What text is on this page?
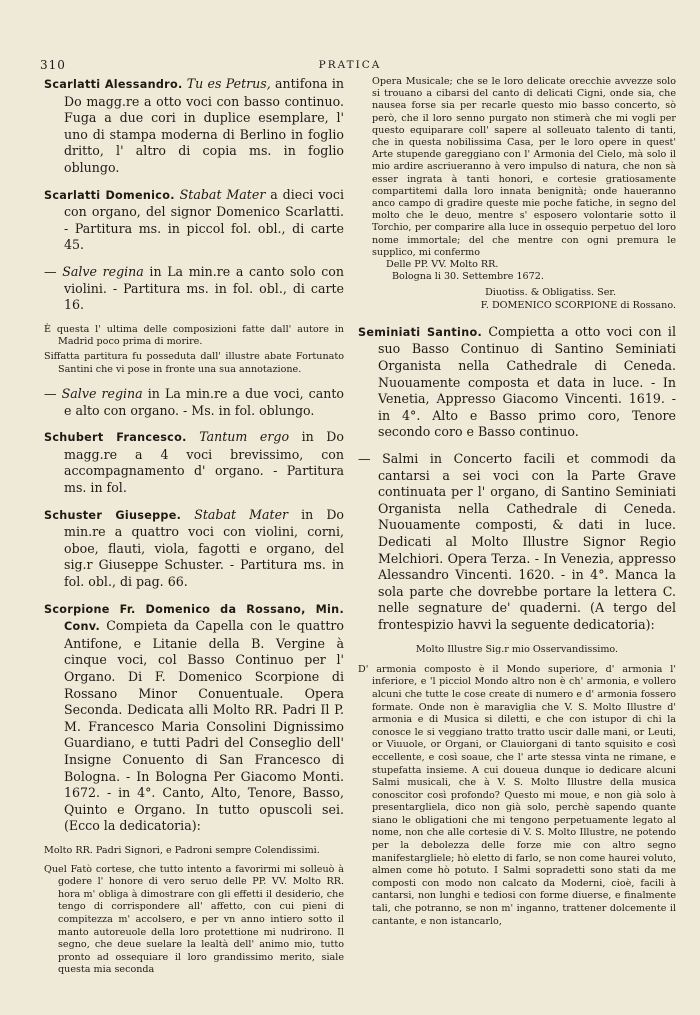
310	PRATICA

Scarlatti Alessandro. Tu es Petrus, antifona in Do magg.re a otto voci con basso continuo. Fuga a due cori in duplice esemplare, l' uno di stampa moderna di Berlino in foglio dritto, l' altro di copia ms. in foglio oblungo.

Scarlatti Domenico. Stabat Mater a dieci voci con organo, del signor Domenico Scarlatti. - Partitura ms. in piccol fol. obl., di carte 45.

— Salve regina in La min.re a canto solo con violini. - Partitura ms. in fol. obl., di carte 16.

È questa l' ultima delle composizioni fatte dall' autore in Madrid poco prima di morire.

Siffatta partitura fu posseduta dall' illustre abate Fortunato Santini che vi pose in fronte una sua annotazione.

— Salve regina in La min.re a due voci, canto e alto con organo. - Ms. in fol. oblungo.

Schubert Francesco. Tantum ergo in Do magg.re a 4 voci brevissimo, con accompagnamento d' organo. - Partitura ms. in fol.

Schuster Giuseppe. Stabat Mater in Do min.re a quattro voci con violini, corni, oboe, flauti, viola, fagotti e organo, del sig.r Giuseppe Schuster. - Partitura ms. in fol. obl., di pag. 66.

Scorpione Fr. Domenico da Rossano, Min. Conv. Compieta da Capella con le quattro Antifone, e Litanie della B. Vergine à cinque voci, col Basso Continuo per l' Organo. Di F. Domenico Scorpione di Rossano Minor Conuentuale. Opera Seconda. Dedicata alli Molto RR. Padri Il P. M. Francesco Maria Consolini Dignissimo Guardiano, e tutti Padri del Conseglio dell' Insigne Conuento di San Francesco di Bologna. - In Bologna Per Giacomo Monti. 1672. - in 4°. Canto, Alto, Tenore, Basso, Quinto e Organo. In tutto opuscoli sei. (Ecco la dedicatoria):

Molto RR. Padri Signori, e Padroni sempre Colendissimi.

Quel Fatò cortese, che tutto intento a favorirmi mi solleuò à godere l' honore di vero seruo delle PP. VV. Molto RR. hora m' obliga à dimostrare con gli effetti il desiderio, che tengo di corrispondere all' affetto, con cui pieni di compitezza m' accolsero, e per vn anno intiero sotto il manto autoreuole della loro protettione mi nudrirono. Il segno, che deue suelare la lealtà dell' animo mio, tutto pronto ad ossequiare il loro grandissimo merito, siale questa mia seconda

Opera Musicale; che se le loro delicate orecchie avvezze solo si trouano a cibarsi del canto di delicati Cigni, onde sia, che nausea forse sia per recarle questo mio basso concerto, sò però, che il loro senno purgato non stimerà che mi vogli per questo equiparare coll' sapere al solleuato talento di tanti, che in questa nobilissima Casa, per le loro opere in quest' Arte stupende gareggiano con l' Armonia del Cielo, mà solo il mio ardire ascriueranno à vero impulso di natura, che non sà esser ingrata à tanti honori, e cortesie gratiosamente compartitemi dalla loro innata benignità; onde haueranno anco campo di gradire queste mie poche fatiche, in segno del molto che le deuo, mentre s' esposero volontarie sotto il Torchio, per comparire alla luce in ossequio perpetuo del loro nome immortale; del che mentre con ogni premura le supplico, mi confermo

Delle PP. VV. Molto RR.

Bologna li 30. Settembre 1672.

Diuotiss. & Obligatiss. Ser.

F. DOMENICO SCORPIONE di Rossano.

Seminiati Santino. Compietta a otto voci con il suo Basso Continuo di Santino Seminiati Organista nella Cathedrale di Ceneda. Nuouamente composta et data in luce. - In Venetia, Appresso Giacomo Vincenti. 1619. - in 4°. Alto e Basso primo coro, Tenore secondo coro e Basso continuo.

— Salmi in Concerto facili et commodi da cantarsi a sei voci con la Parte Grave continuata per l' organo, di Santino Seminiati Organista nella Cathedrale di Ceneda. Nuouamente composti, & dati in luce. Dedicati al Molto Illustre Signor Regio Melchiori. Opera Terza. - In Venezia, appresso Alessandro Vincenti. 1620. - in 4°. Manca la sola parte che dovrebbe portare la lettera C. nelle segnature de' quaderni. (A tergo del frontespizio havvi la seguente dedicatoria):

Molto Illustre Sig.r mio Osservandissimo.

D' armonia composto è il Mondo superiore, d' armonia l' inferiore, e 'l picciol Mondo altro non è ch' armonia, e vollero alcuni che tutte le cose create di numero e d' armonia fossero formate. Onde non è maraviglia che V. S. Molto Illustre d' armonia e di Musica si diletti, e che con istupor di chi la conosce le si veggiano tratto tratto uscir dalle mani, or Leuti, or Viuuole, or Organi, or Clauiorgani di tanto squisito e così eccellente, e così soaue, che l' arte stessa vinta ne rimane, e stupefatta insieme. A cui doueua dunque io dedicare alcuni Salmi musicali, che à V. S. Molto Illustre della musica conoscitor così profondo? Questo mi moue, e non già solo à presentargliela, dico non già solo, perchè sapendo quante siano le obligationi che mi tengono perpetuamente legato al nome, non che alle cortesie di V. S. Molto Illustre, ne potendo per la debolezza delle forze mie con altro segno manifestargliele; hò eletto di farlo, se non come haurei voluto, almen come hò potuto. I Salmi sopradetti sono stati da me composti con modo non calcato da Moderni, cioè, facili à cantarsi, non lunghi e tediosi con forme diuerse, e finalmente tali, che potranno, se non m' inganno, trattener dolcemente il cantante, e non istancarlo,
